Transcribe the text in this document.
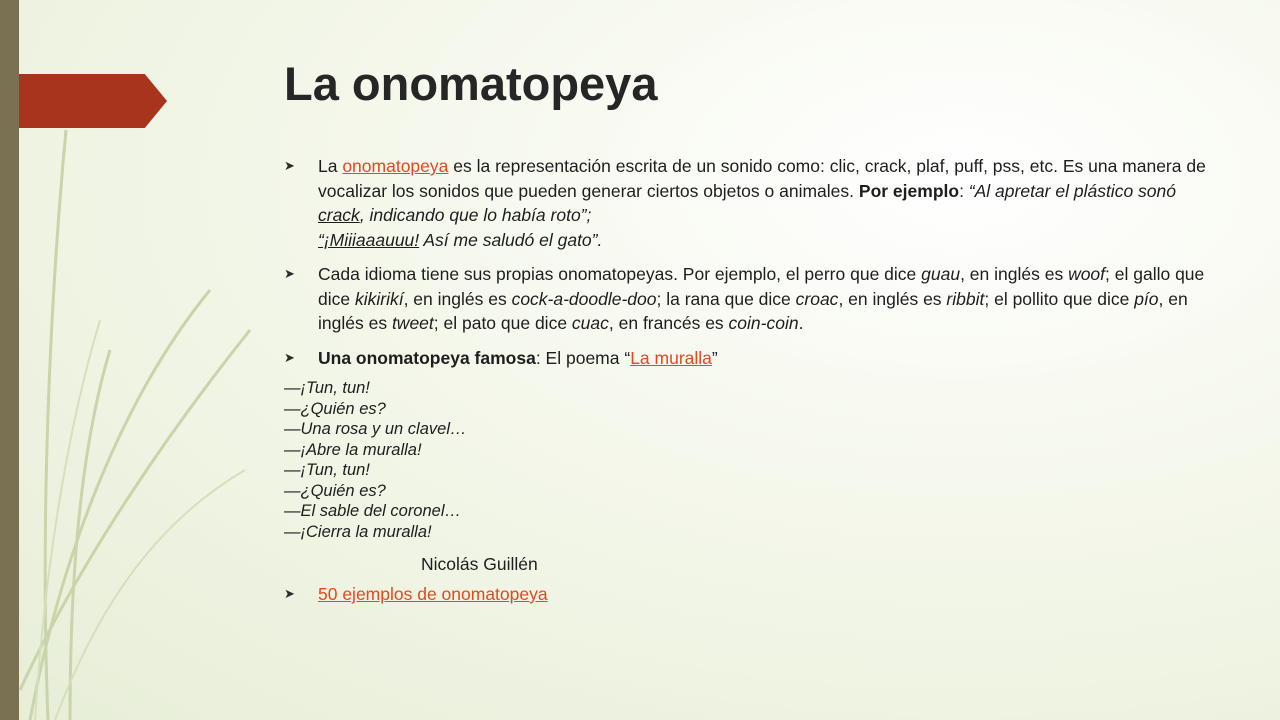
La onomatopeya
➤	La onomatopeya es la representación escrita de un sonido como: clic, crack, plaf, puff, pss, etc. Es una manera de vocalizar los sonidos que pueden generar ciertos objetos o animales. Por ejemplo: “Al apretar el plástico sonó crack, indicando que lo había roto”;
“¡Miiiaaauuu! Así me saludó el gato”.
➤	Cada idioma tiene sus propias onomatopeyas. Por ejemplo, el perro que dice guau, en inglés es woof; el gallo que dice kikirikí, en inglés es cock-a-doodle-doo; la rana que dice croac, en inglés es ribbit; el pollito que dice pío, en inglés es tweet; el pato que dice cuac, en francés es coin-coin.
➤	Una onomatopeya famosa: El poema “La muralla”
—¡Tun, tun!
—¿Quién es?
—Una rosa y un clavel…
—¡Abre la muralla!
—¡Tun, tun!
—¿Quién es?
—El sable del coronel…
—¡Cierra la muralla!
Nicolás Guillén
➤	50 ejemplos de onomatopeya
